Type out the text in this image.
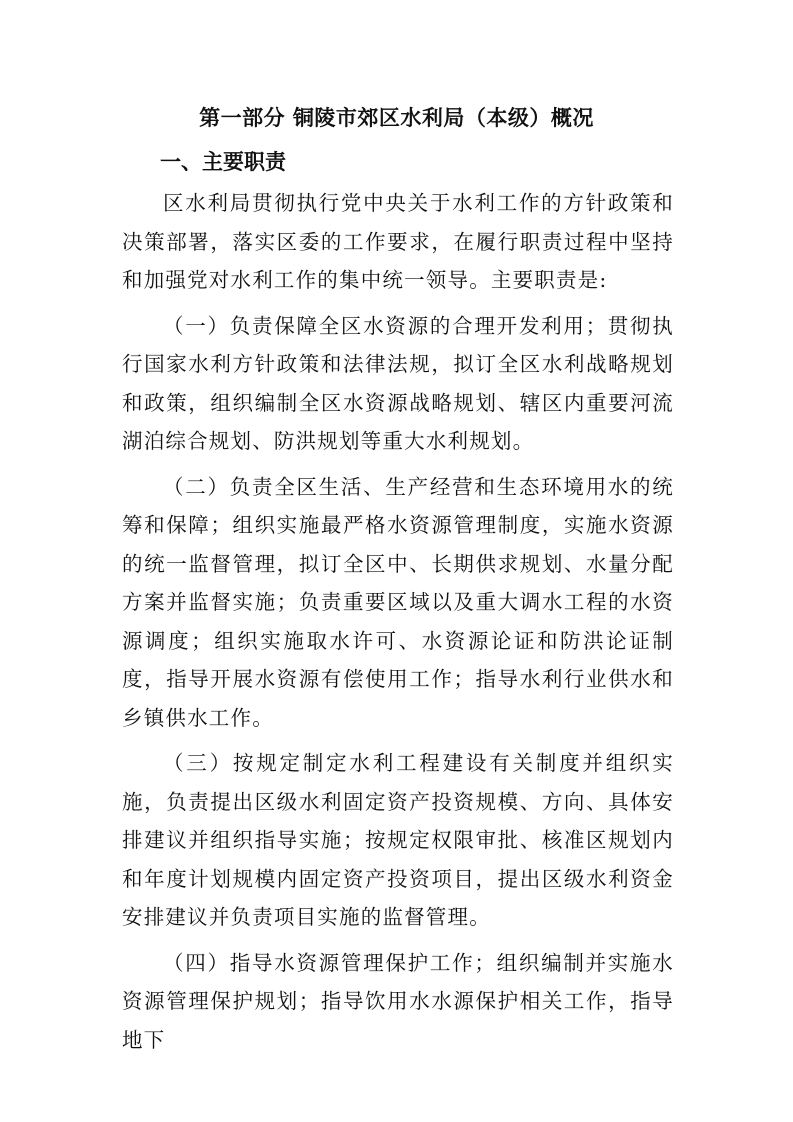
第一部分 铜陵市郊区水利局（本级）概况
一、主要职责

区水利局贯彻执行党中央关于水利工作的方针政策和决策部署，落实区委的工作要求，在履行职责过程中坚持和加强党对水利工作的集中统一领导。主要职责是:

（一）负责保障全区水资源的合理开发利用；贯彻执行国家水利方针政策和法律法规，拟订全区水利战略规划和政策，组织编制全区水资源战略规划、辖区内重要河流湖泊综合规划、防洪规划等重大水利规划。

（二）负责全区生活、生产经营和生态环境用水的统筹和保障；组织实施最严格水资源管理制度，实施水资源的统一监督管理，拟订全区中、长期供求规划、水量分配方案并监督实施；负责重要区域以及重大调水工程的水资源调度；组织实施取水许可、水资源论证和防洪论证制度，指导开展水资源有偿使用工作；指导水利行业供水和乡镇供水工作。

（三）按规定制定水利工程建设有关制度并组织实施，负责提出区级水利固定资产投资规模、方向、具体安排建议并组织指导实施；按规定权限审批、核准区规划内和年度计划规模内固定资产投资项目，提出区级水利资金安排建议并负责项目实施的监督管理。

（四）指导水资源管理保护工作；组织编制并实施水资源管理保护规划；指导饮用水水源保护相关工作，指导地下
